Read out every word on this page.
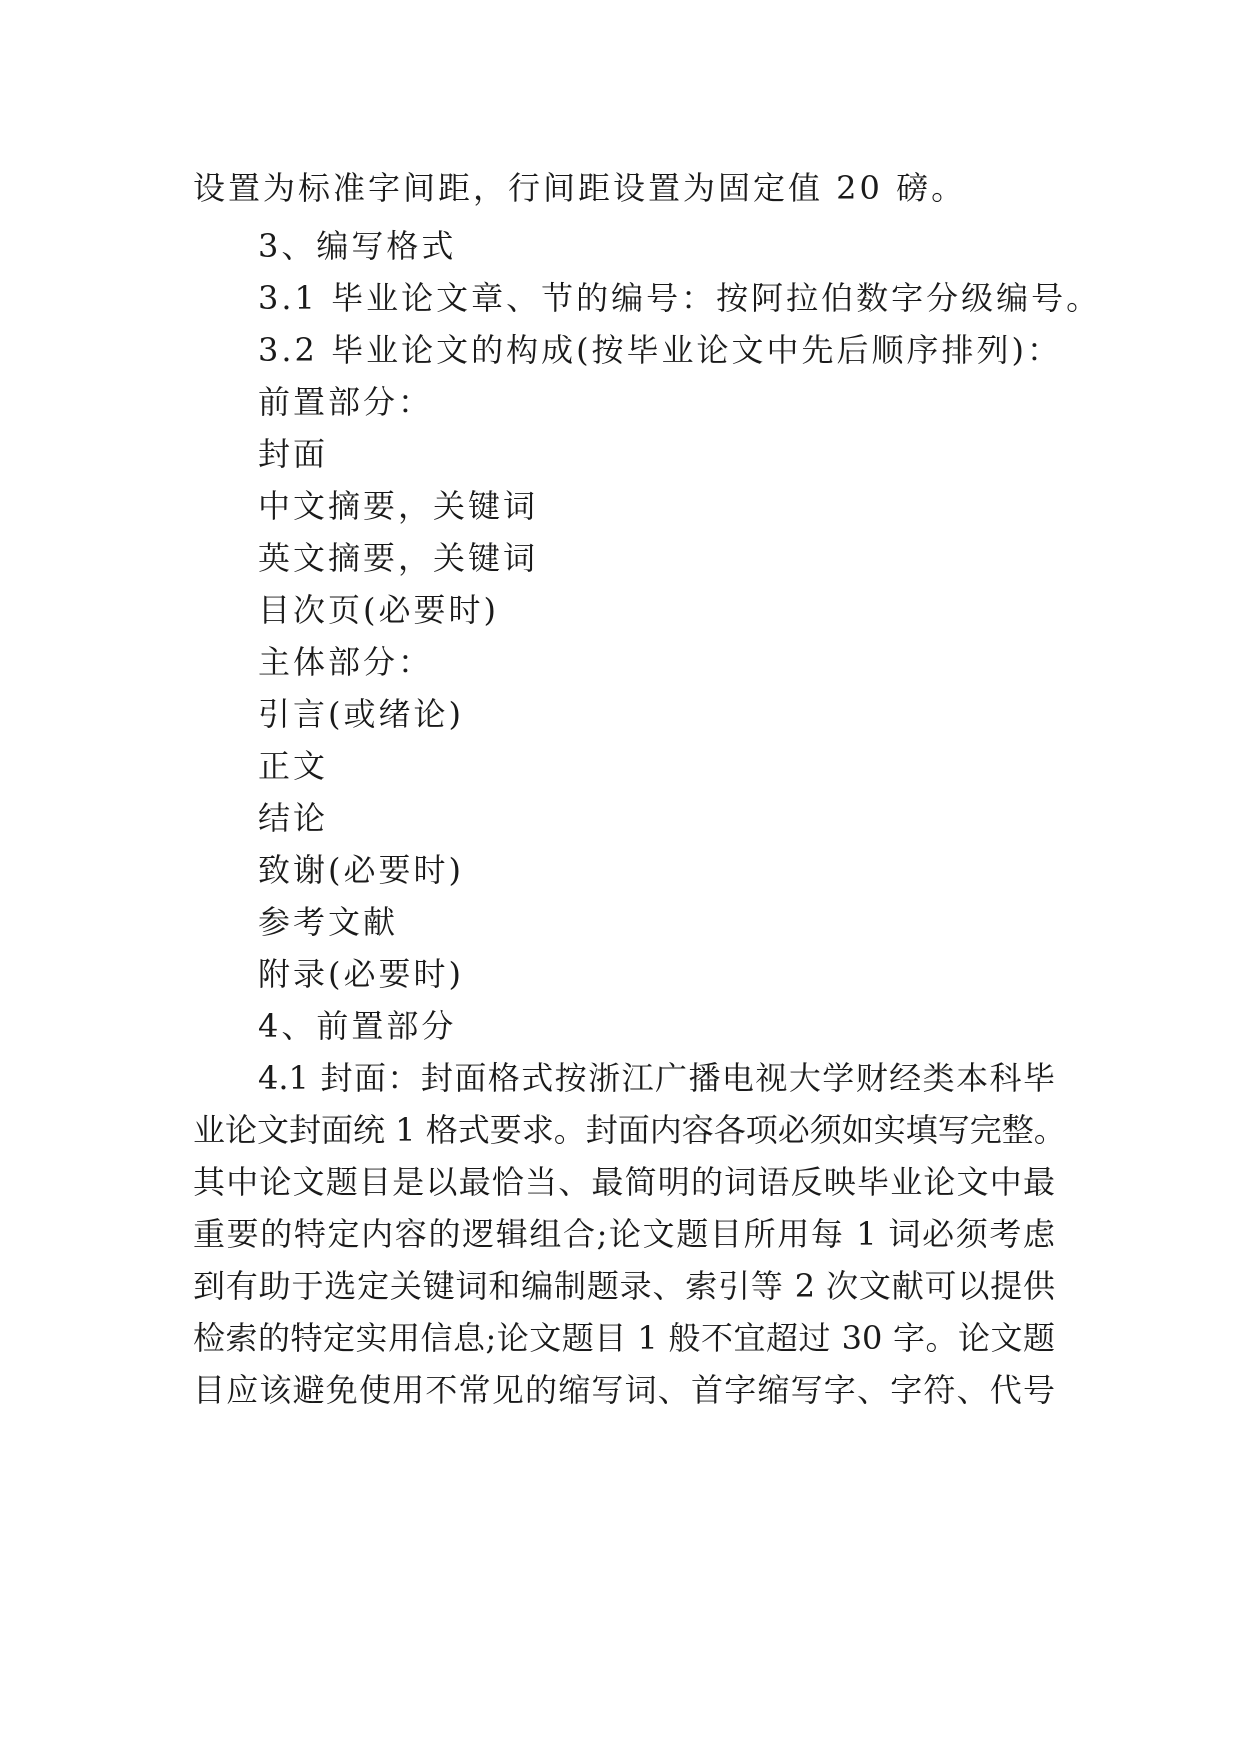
设置为标准字间距，行间距设置为固定值 20 磅。
3、编写格式
3.1 毕业论文章、节的编号：按阿拉伯数字分级编号。
3.2 毕业论文的构成(按毕业论文中先后顺序排列)：
前置部分：
封面
中文摘要，关键词
英文摘要，关键词
目次页(必要时)
主体部分：
引言(或绪论)
正文
结论
致谢(必要时)
参考文献
附录(必要时)
4、前置部分
4.1 封面：封面格式按浙江广播电视大学财经类本科毕
业论文封面统 1 格式要求。封面内容各项必须如实填写完整。
其中论文题目是以最恰当、最简明的词语反映毕业论文中最
重要的特定内容的逻辑组合;论文题目所用每 1 词必须考虑
到有助于选定关键词和编制题录、索引等 2 次文献可以提供
检索的特定实用信息;论文题目 1 般不宜超过 30 字。论文题
目应该避免使用不常见的缩写词、首字缩写字、字符、代号
